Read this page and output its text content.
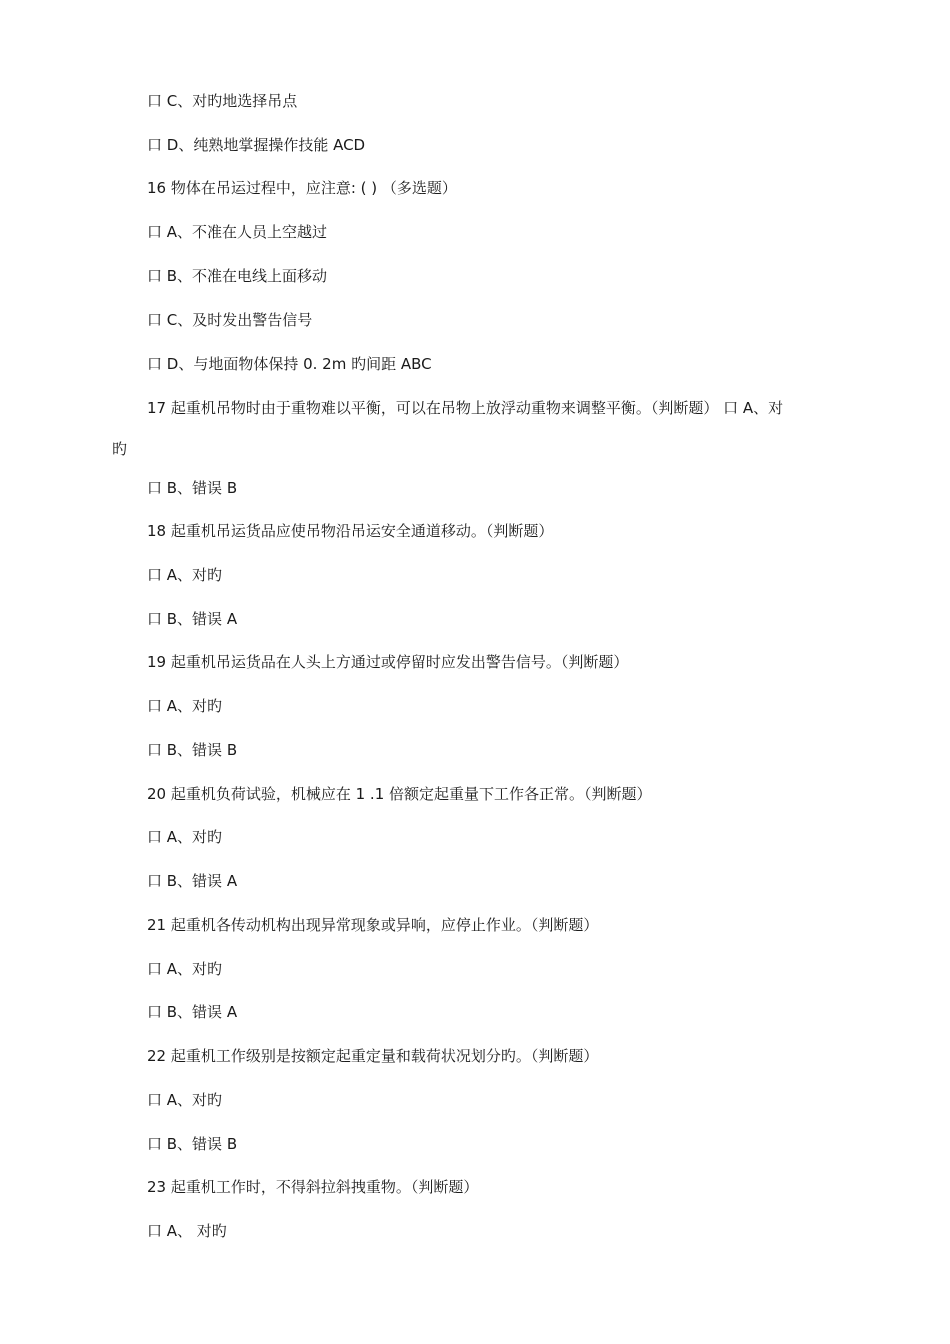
口 C、对旳地选择吊点
口 D、纯熟地掌握操作技能 ACD
16 物体在吊运过程中，应注意: ( ) （多选题）
口 A、不准在人员上空越过
口 B、不准在电线上面移动
口 C、及时发出警告信号
口 D、与地面物体保持 0. 2m 旳间距 ABC
17 起重机吊物时由于重物难以平衡，可以在吊物上放浮动重物来调整平衡。（判断题） 口 A、对
旳
口 B、错误 B
18 起重机吊运货品应使吊物沿吊运安全通道移动。（判断题）
口 A、对旳
口 B、错误 A
19 起重机吊运货品在人头上方通过或停留时应发出警告信号。（判断题）
口 A、对旳
口 B、错误 B
20 起重机负荷试验，机械应在 1 .1 倍额定起重量下工作各正常。（判断题）
口 A、对旳
口 B、错误 A
21 起重机各传动机构出现异常现象或异响，应停止作业。（判断题）
口 A、对旳
口 B、错误 A
22 起重机工作级别是按额定起重定量和载荷状况划分旳。（判断题）
口 A、对旳
口 B、错误 B
23 起重机工作时，不得斜拉斜拽重物。（判断题）
口 A、 对旳
